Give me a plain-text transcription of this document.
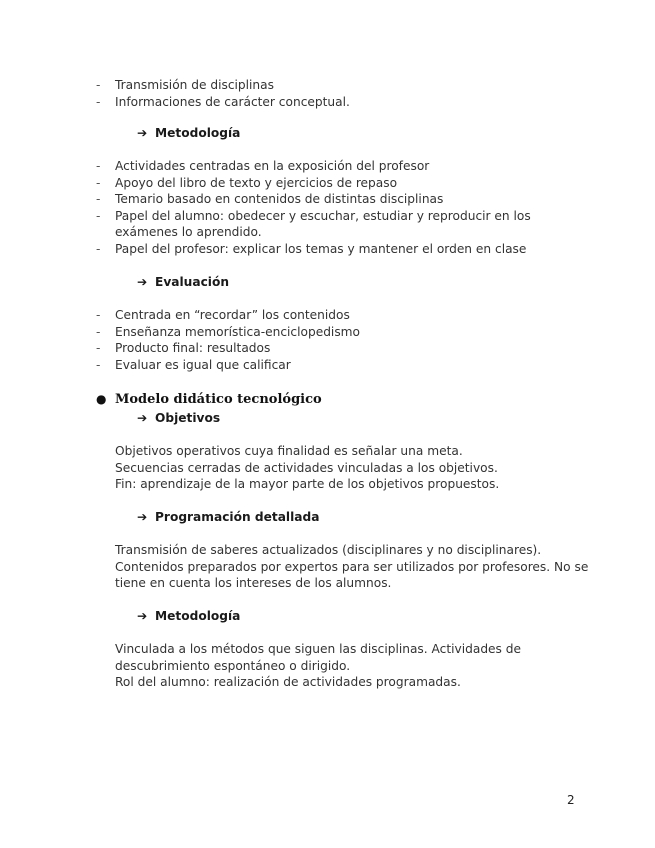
-	Transmisión de disciplinas
-	Informaciones de carácter conceptual.
➔ Metodología
-	Actividades centradas en la exposición del profesor
-	Apoyo del libro de texto y ejercicios de repaso
-	Temario basado en contenidos de distintas disciplinas
-	Papel del alumno: obedecer y escuchar, estudiar y reproducir en los exámenes lo aprendido.
-	Papel del profesor: explicar los temas y mantener el orden en clase
➔ Evaluación
-	Centrada en “recordar” los contenidos
-	Enseñanza memorística-enciclopedismo
-	Producto final: resultados
-	Evaluar es igual que calificar
● Modelo didático tecnológico
➔ Objetivos

Objetivos operativos cuya finalidad es señalar una meta.
Secuencias cerradas de actividades vinculadas a los objetivos.
Fin: aprendizaje de la mayor parte de los objetivos propuestos.

➔ Programación detallada

Transmisión de saberes actualizados (disciplinares y no disciplinares).
Contenidos preparados por expertos para ser utilizados por profesores. No se
tiene en cuenta los intereses de los alumnos.

➔ Metodología

Vinculada a los métodos que siguen las disciplinas. Actividades de
descubrimiento espontáneo o dirigido.
Rol del alumno: realización de actividades programadas.

2
